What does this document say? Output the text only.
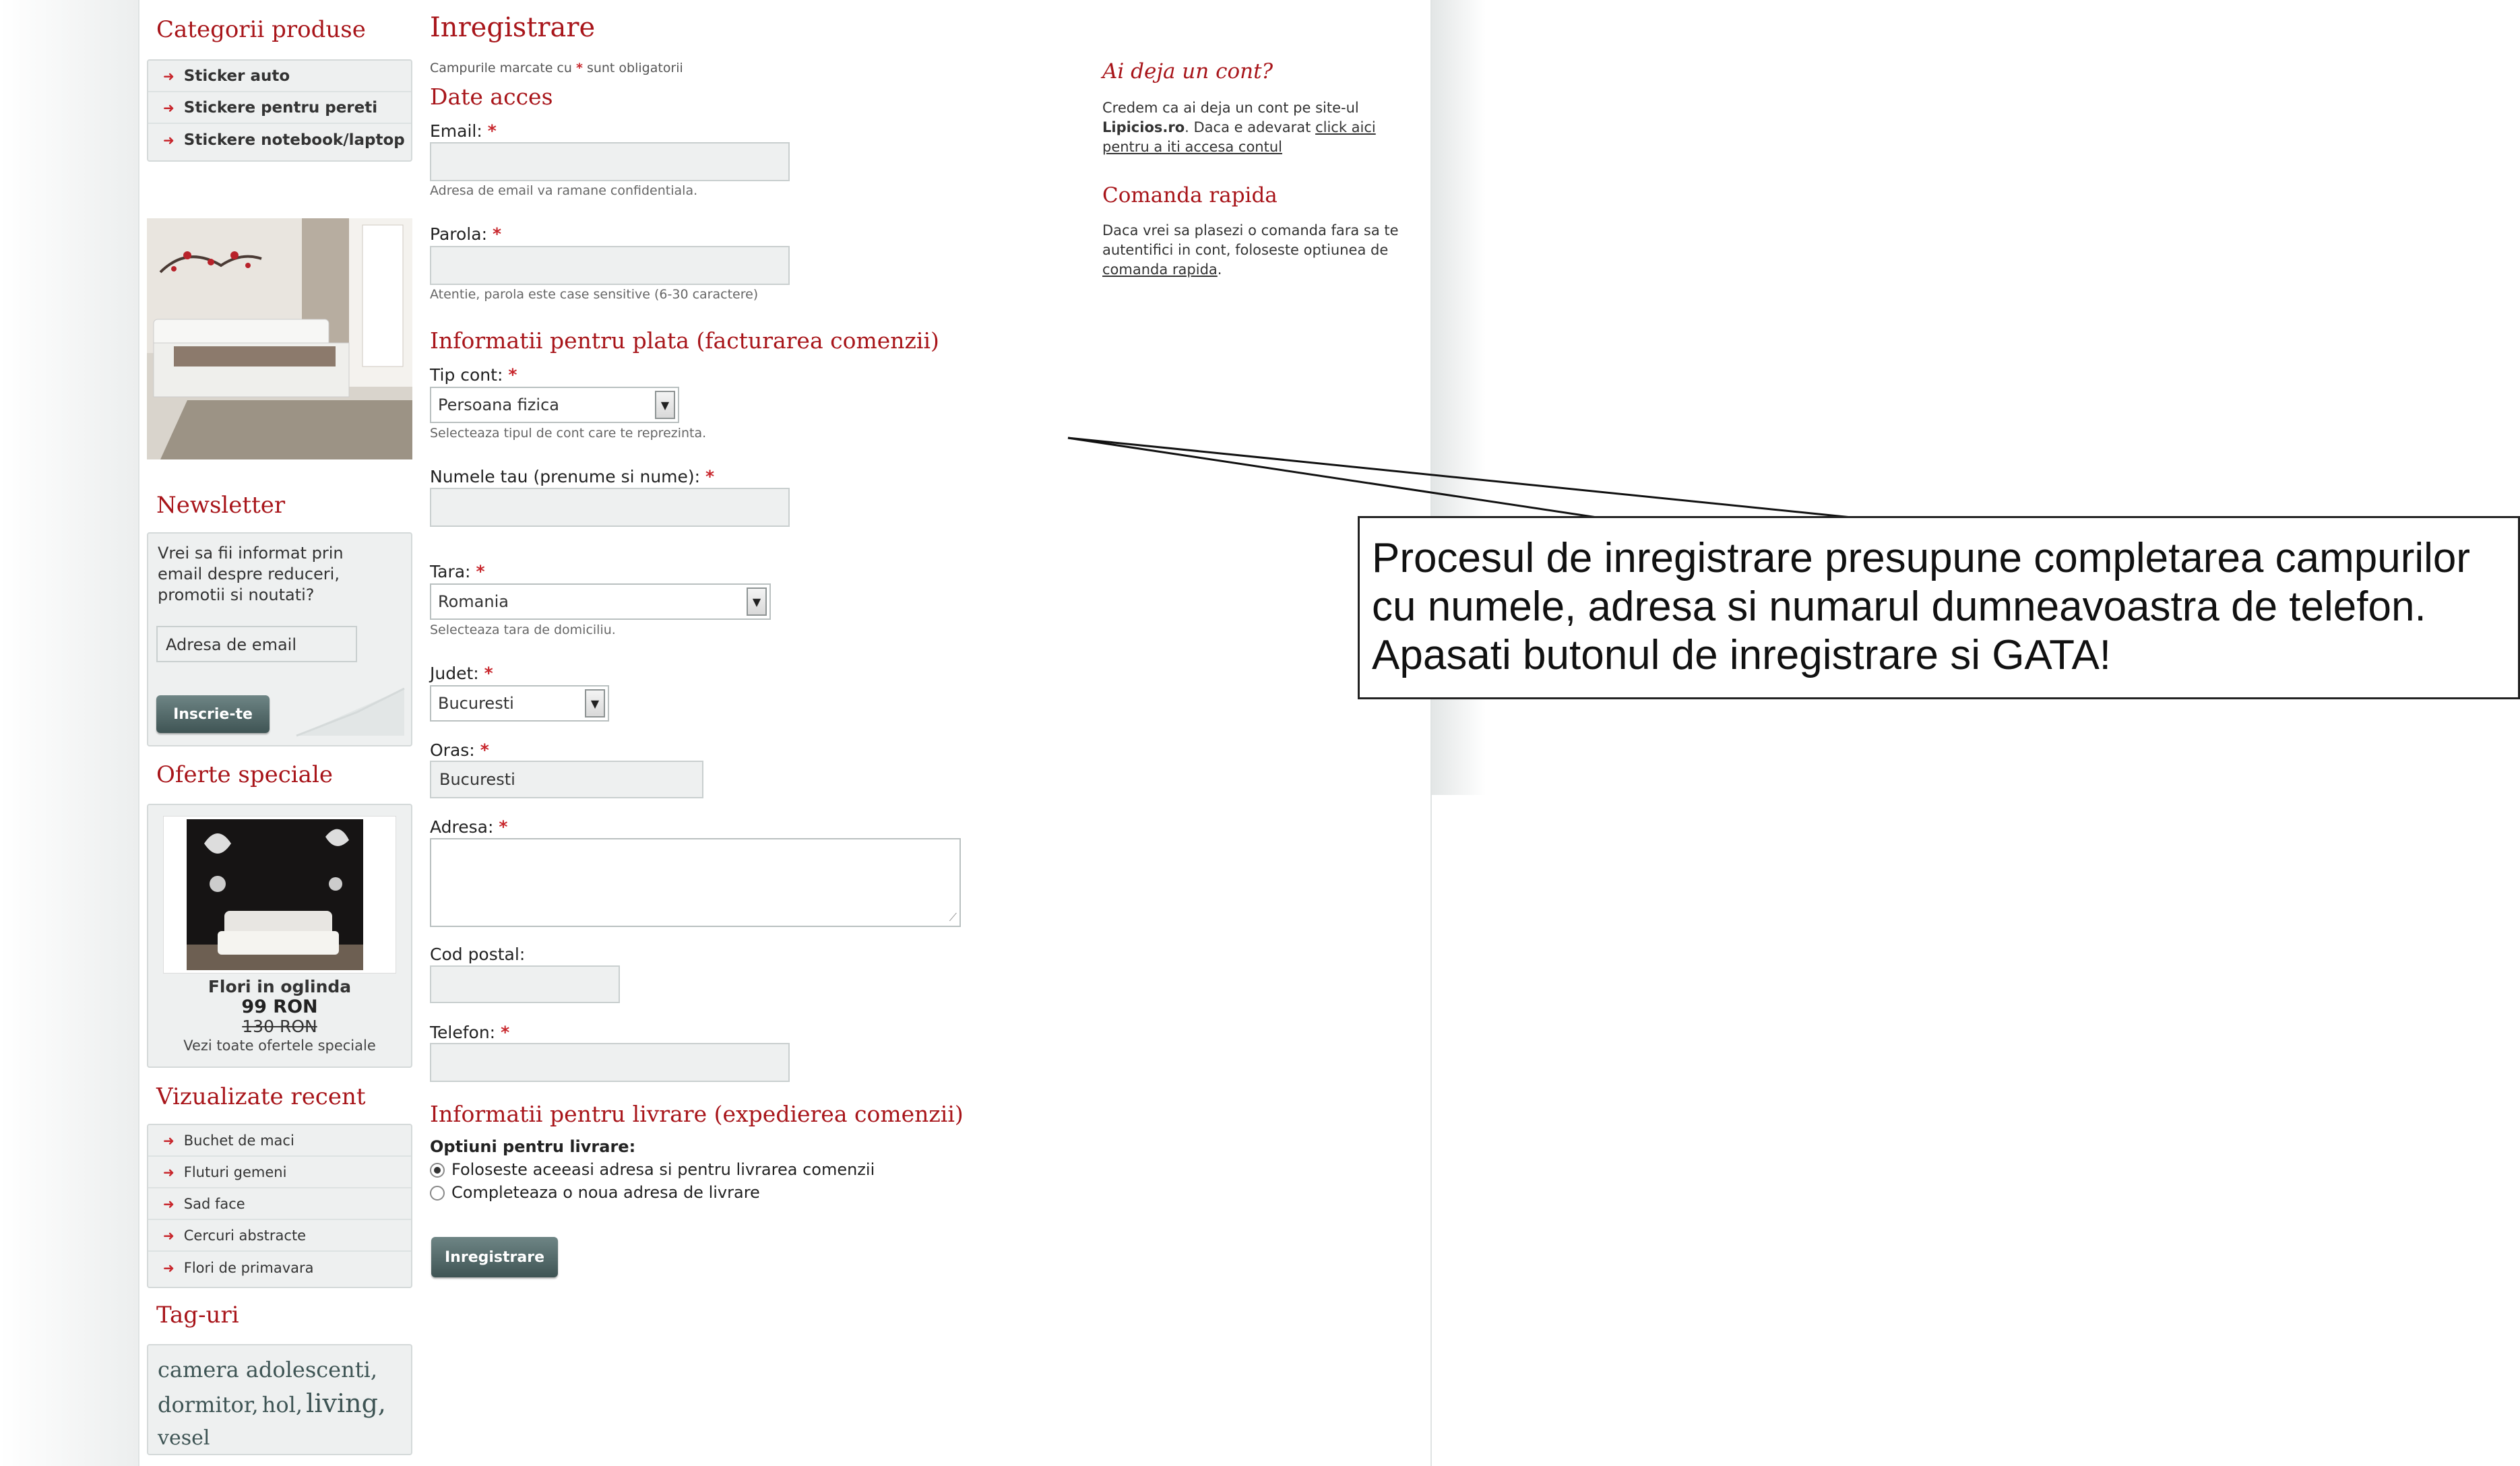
Categorii produse
➜ Sticker auto
➜ Stickere pentru pereti
➜ Stickere notebook/laptop
Newsletter
Vrei sa fii informat prin email despre reduceri, promotii si noutati?
Adresa de email
Inscrie-te
Oferte speciale
Flori in oglinda
99 RON
130 RON
Vezi toate ofertele speciale
Vizualizate recent
➜ Buchet de maci
➜ Fluturi gemeni
➜ Sad face
➜ Cercuri abstracte
➜ Flori de primavara
Tag-uri
camera adolescenti, dormitor, hol, living,
vesel
Inregistrare
Campurile marcate cu * sunt obligatorii
Date acces
Email: *
Adresa de email va ramane confidentiala.
Parola: *
Atentie, parola este case sensitive (6-30 caractere)
Informatii pentru plata (facturarea comenzii)
Tip cont: *
Persoana fizica	▼
Selecteaza tipul de cont care te reprezinta.
Numele tau (prenume si nume): *
Tara: *
Romania	▼
Selecteaza tara de domiciliu.
Judet: *
Bucuresti	▼
Oras: *
Bucuresti
Adresa: *
⟋
Cod postal:
Telefon: *
Informatii pentru livrare (expedierea comenzii)
Optiuni pentru livrare:
Foloseste aceeasi adresa si pentru livrarea comenzii
Completeaza o noua adresa de livrare
Inregistrare
Ai deja un cont?
Credem ca ai deja un cont pe site-ul Lipicios.ro. Daca e adevarat click aici pentru a iti accesa contul
Comanda rapida
Daca vrei sa plasezi o comanda fara sa te autentifici in cont, foloseste optiunea de comanda rapida.
Procesul de inregistrare presupune completarea campurilor
cu numele, adresa si numarul dumneavoastra de telefon.
Apasati butonul de inregistrare si GATA!
